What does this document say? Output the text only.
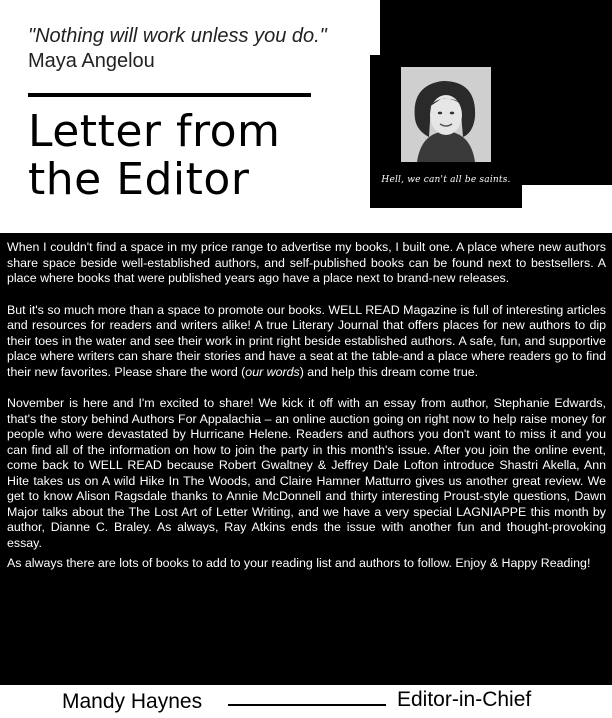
"Nothing will work unless you do." Maya Angelou
Letter from
the Editor	Hell, we can't all be saints.

When I couldn't find a space in my price range to advertise my books, I built one. A place where new authors share space beside well-established authors, and self-published books can be found next to bestsellers. A place where books that were published years ago have a place next to brand-new releases.

But it's so much more than a space to promote our books. WELL READ Magazine is full of interesting articles and resources for readers and writers alike! A true Literary Journal that offers places for new authors to dip their toes in the water and see their work in print right beside established authors. A safe, fun, and supportive place where writers can share their stories and have a seat at the table-and a place where readers go to find their new favorites. Please share the word (our words) and help this dream come true.

November is here and I'm excited to share! We kick it off with an essay from author, Stephanie Edwards, that's the story behind Authors For Appalachia – an online auction going on right now to help raise money for people who were devastated by Hurricane Helene. Readers and authors you don't want to miss it and you can find all of the information on how to join the party in this month's issue. After you join the online event, come back to WELL READ because Robert Gwaltney & Jeffrey Dale Lofton introduce Shastri Akella, Ann Hite takes us on A wild Hike In The Woods, and Claire Hamner Matturro gives us another great review. We get to know Alison Ragsdale thanks to Annie McDonnell and thirty interesting Proust-style questions, Dawn Major talks about the The Lost Art of Letter Writing, and we have a very special LAGNIAPPE this month by author, Dianne C. Braley. As always, Ray Atkins ends the issue with another fun and thought-provoking essay.

As always there are lots of books to add to your reading list and authors to follow. Enjoy & Happy Reading!

Mandy Haynes	Editor-in-Chief
